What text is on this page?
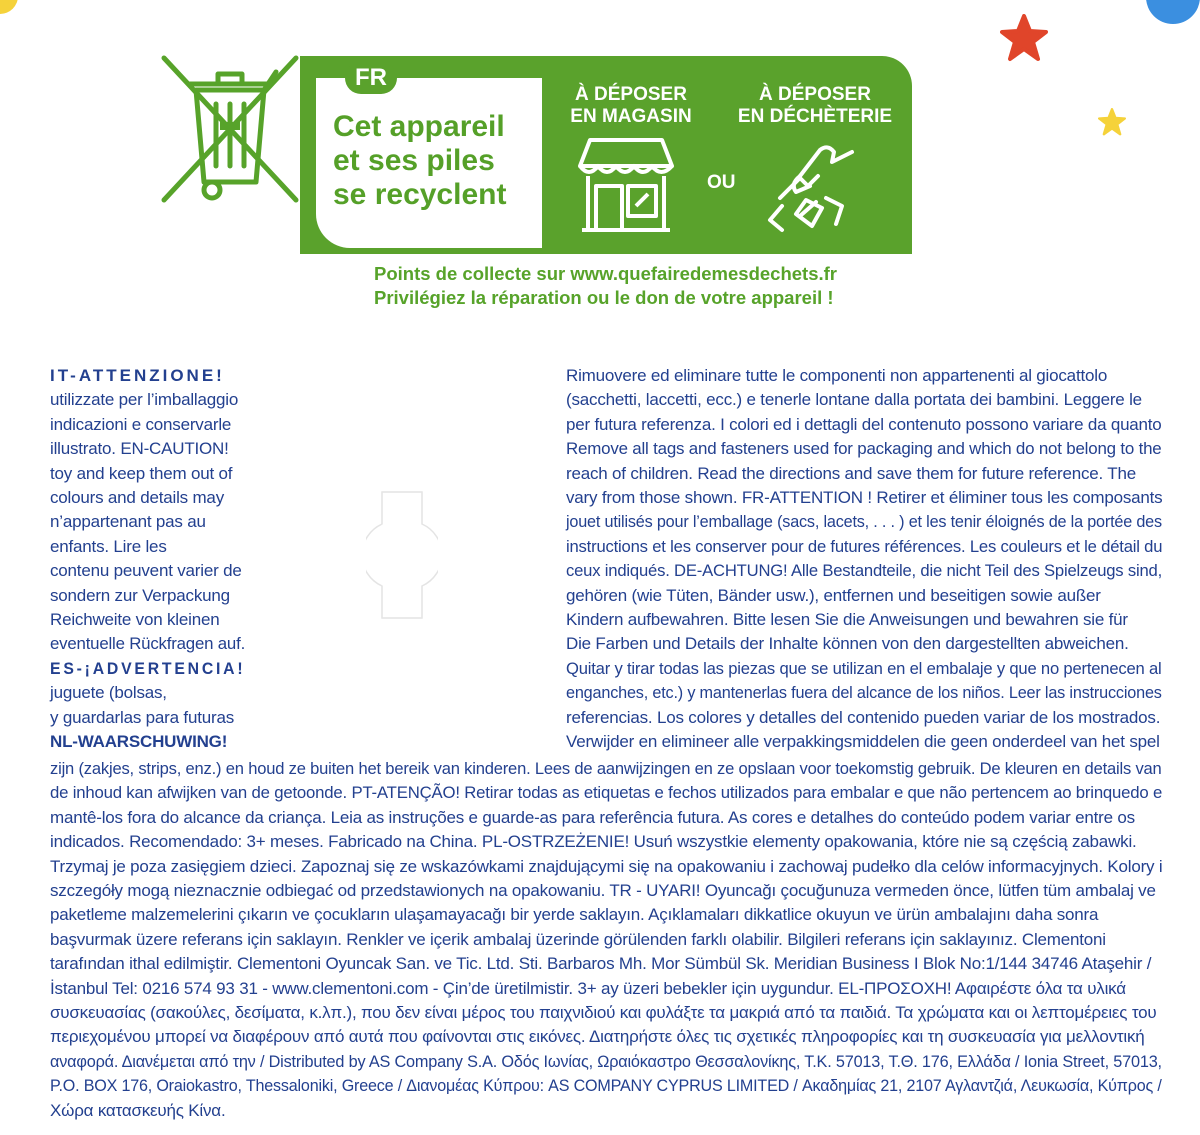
FR
Cet appareil
et ses piles
se recyclent
À DÉPOSER
EN MAGASIN
À DÉPOSER
EN DÉCHÈTERIE
OU
Points de collecte sur www.quefairedemesdechets.fr
Privilégiez la réparation ou le don de votre appareil !
IT-ATTENZIONE!
utilizzate per l’imballaggio
indicazioni e conservarle
illustrato. EN-CAUTION!
toy and keep them out of
colours and details may
n’appartenant pas au
enfants. Lire les
contenu peuvent varier de
sondern zur Verpackung
Reichweite von kleinen
eventuelle Rückfragen auf.
ES-¡ADVERTENCIA!
juguete (bolsas,
y guardarlas para futuras
NL-WAARSCHUWING!
Rimuovere ed eliminare tutte le componenti non appartenenti al giocattolo
(sacchetti, laccetti, ecc.) e tenerle lontane dalla portata dei bambini. Leggere le
per futura referenza. I colori ed i dettagli del contenuto possono variare da quanto
Remove all tags and fasteners used for packaging and which do not belong to the
reach of children. Read the directions and save them for future reference. The
vary from those shown. FR-ATTENTION ! Retirer et éliminer tous les composants
jouet utilisés pour l’emballage (sacs, lacets, . . . ) et les tenir éloignés de la portée des
instructions et les conserver pour de futures références. Les couleurs et le détail du
ceux indiqués. DE-ACHTUNG! Alle Bestandteile, die nicht Teil des Spielzeugs sind,
gehören (wie Tüten, Bänder usw.), entfernen und beseitigen sowie außer
Kindern aufbewahren. Bitte lesen Sie die Anweisungen und bewahren sie für
Die Farben und Details der Inhalte können von den dargestellten abweichen.
Quitar y tirar todas las piezas que se utilizan en el embalaje y que no pertenecen al
enganches, etc.) y mantenerlas fuera del alcance de los niños. Leer las instrucciones
referencias. Los colores y detalles del contenido pueden variar de los mostrados.
Verwijder en elimineer alle verpakkingsmiddelen die geen onderdeel van het spel
zijn (zakjes, strips, enz.) en houd ze buiten het bereik van kinderen. Lees de aanwijzingen en ze opslaan voor toekomstig gebruik. De kleuren en details van
de inhoud kan afwijken van de getoonde. PT-ATENÇÃO! Retirar todas as etiquetas e fechos utilizados para embalar e que não pertencem ao brinquedo e
mantê-los fora do alcance da criança. Leia as instruções e guarde-as para referência futura. As cores e detalhes do conteúdo podem variar entre os
indicados. Recomendado: 3+ meses. Fabricado na China. PL-OSTRZEŻENIE! Usuń wszystkie elementy opakowania, które nie są częścią zabawki.
Trzymaj je poza zasięgiem dzieci. Zapoznaj się ze wskazówkami znajdującymi się na opakowaniu i zachowaj pudełko dla celów informacyjnych. Kolory i
szczegóły mogą nieznacznie odbiegać od przedstawionych na opakowaniu. TR - UYARI! Oyuncağı çocuğunuza vermeden önce, lütfen tüm ambalaj ve
paketleme malzemelerini çıkarın ve çocukların ulaşamayacağı bir yerde saklayın. Açıklamaları dikkatlice okuyun ve ürün ambalajını daha sonra
başvurmak üzere referans için saklayın. Renkler ve içerik ambalaj üzerinde görülenden farklı olabilir. Bilgileri referans için saklayınız. Clementoni
tarafından ithal edilmiştir. Clementoni Oyuncak San. ve Tic. Ltd. Sti. Barbaros Mh. Mor Sümbül Sk. Meridian Business I Blok No:1/144 34746 Ataşehir /
İstanbul Tel: 0216 574 93 31 - www.clementoni.com - Çin’de üretilmistir. 3+ ay üzeri bebekler için uygundur. EL-ΠΡΟΣΟΧΗ! Αφαιρέστε όλα τα υλικά
συσκευασίας (σακούλες, δεσίματα, κ.λπ.), που δεν είναι μέρος του παιχνιδιού και φυλάξτε τα μακριά από τα παιδιά. Τα χρώματα και οι λεπτομέρειες του
περιεχομένου μπορεί να διαφέρουν από αυτά που φαίνονται στις εικόνες. Διατηρήστε όλες τις σχετικές πληροφορίες και τη συσκευασία για μελλοντική
αναφορά. Διανέμεται από την / Distributed by AS Company S.A. Οδός Ιωνίας, Ωραιόκαστρο Θεσσαλονίκης, Τ.Κ. 57013, Τ.Θ. 176, Ελλάδα / Ionia Street, 57013,
P.O. BOX 176, Oraiokastro, Thessaloniki, Greece / Διανομέας Κύπρου: AS COMPANY CYPRUS LIMITED / Ακαδημίας 21, 2107 Αγλαντζιά, Λευκωσία, Κύπρος /
Χώρα κατασκευής Κίνα.
